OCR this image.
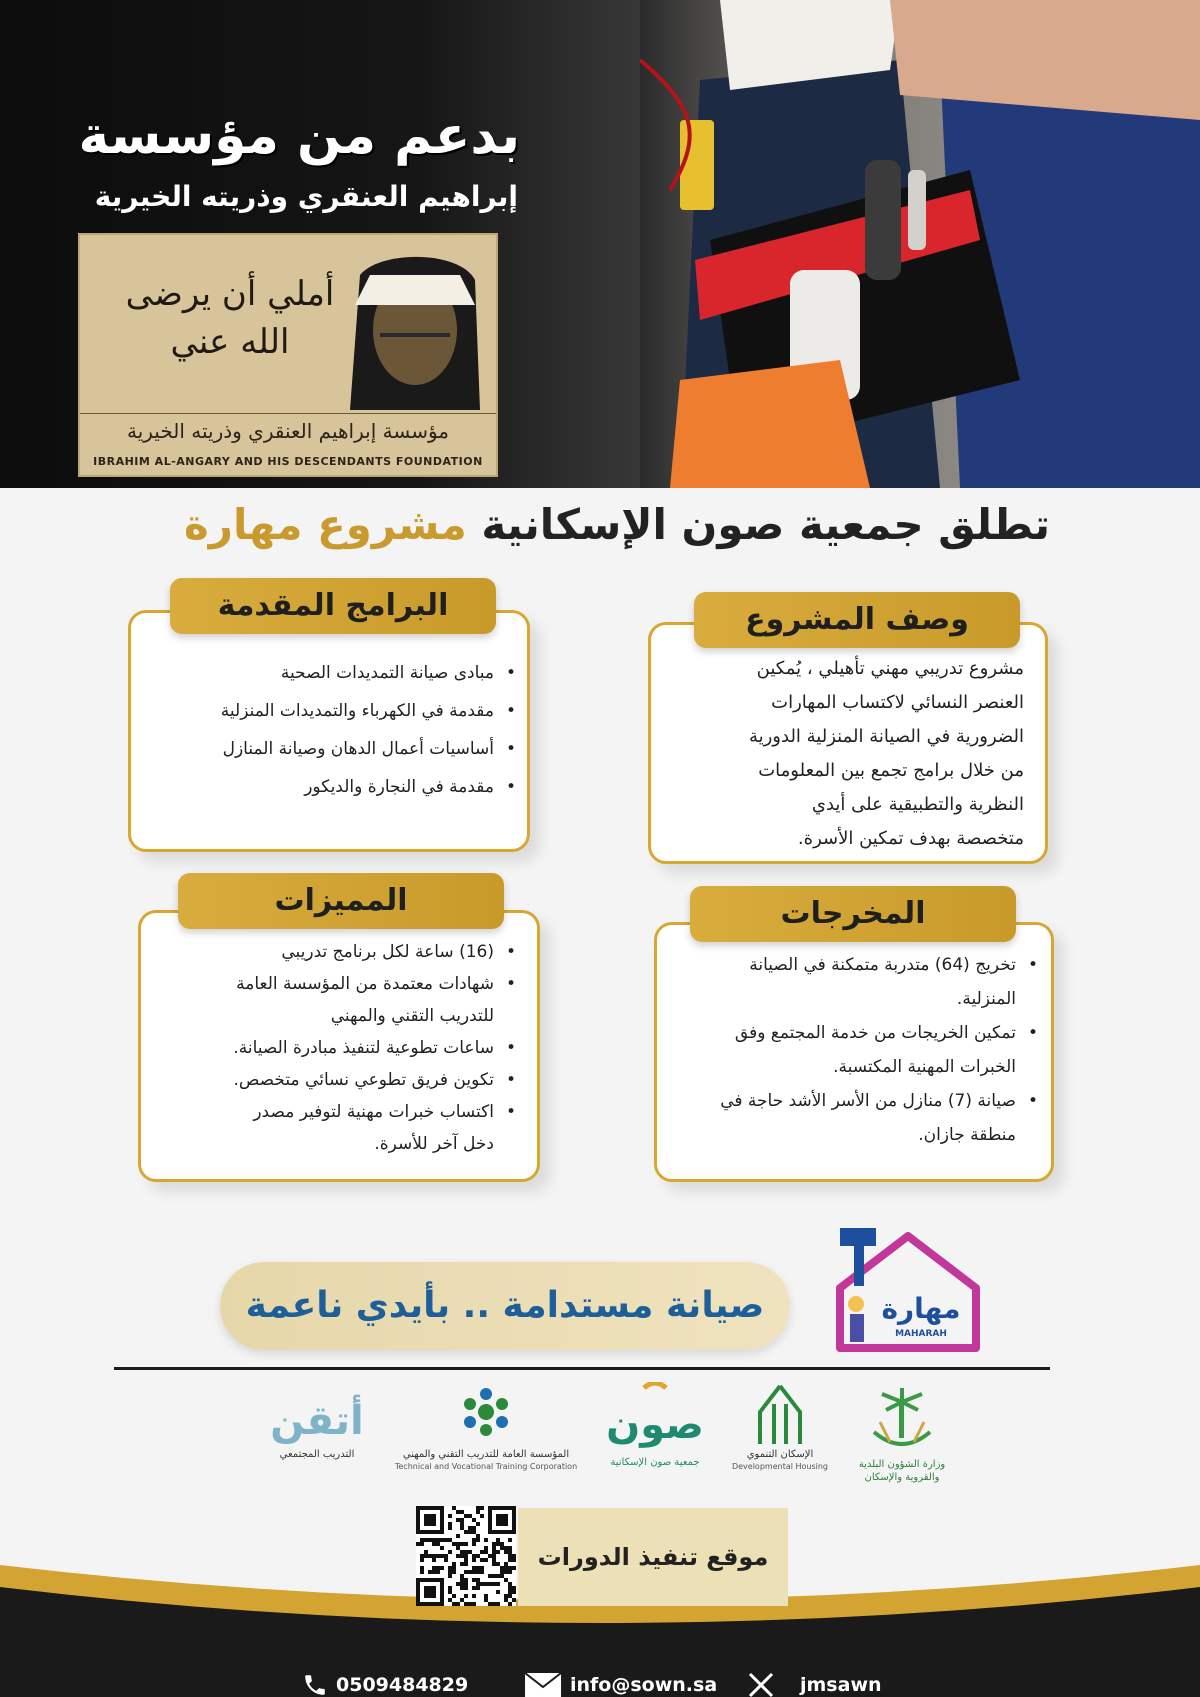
بدعم من مؤسسة
إبراهيم العنقري وذريته الخيرية
أملي أن يرضى
الله عني
مؤسسة إبراهيم العنقري وذريته الخيرية
IBRAHIM AL-ANGARY AND HIS DESCENDANTS FOUNDATION
تطلق جمعية صون الإسكانية مشروع مهارة
وصف المشروع
مشروع تدريبي مهني تأهيلي ، يُمكين
العنصر النسائي لاكتساب المهارات
الضرورية في الصيانة المنزلية الدورية
من خلال برامج تجمع بين المعلومات
النظرية والتطبيقية على أيدي
متخصصة بهدف تمكين الأسرة.
البرامج المقدمة
• مبادى صيانة التمديدات الصحية
• مقدمة في الكهرباء والتمديدات المنزلية
• أساسيات أعمال الدهان وصيانة المنازل
• مقدمة في النجارة والديكور
المخرجات
• تخريج (64) متدربة متمكنة في الصيانة
المنزلية.
• تمكين الخريجات من خدمة المجتمع وفق
الخبرات المهنية المكتسبة.
• صيانة (7) منازل من الأسر الأشد حاجة في
منطقة جازان.
المميزات
• (16) ساعة لكل برنامج تدريبي
• شهادات معتمدة من المؤسسة العامة
للتدريب التقني والمهني
• ساعات تطوعية لتنفيذ مبادرة الصيانة.
• تكوين فريق تطوعي نسائي متخصص.
• اكتساب خبرات مهنية لتوفير مصدر
دخل آخر للأسرة.
صيانة مستدامة .. بأيدي ناعمة	مهارة
MAHARAH
وزارة الشؤون البلدية والقروية والإسكان
الإسكان التنموي
Developmental Housing
صون
جمعية صون الإسكانية
المؤسسة العامة للتدريب التقني والمهني
Technical and Vocational Training Corporation
أتقن
التدريب المجتمعي
موقع تنفيذ الدورات
0509484829	info@sown.sa	jmsawn
